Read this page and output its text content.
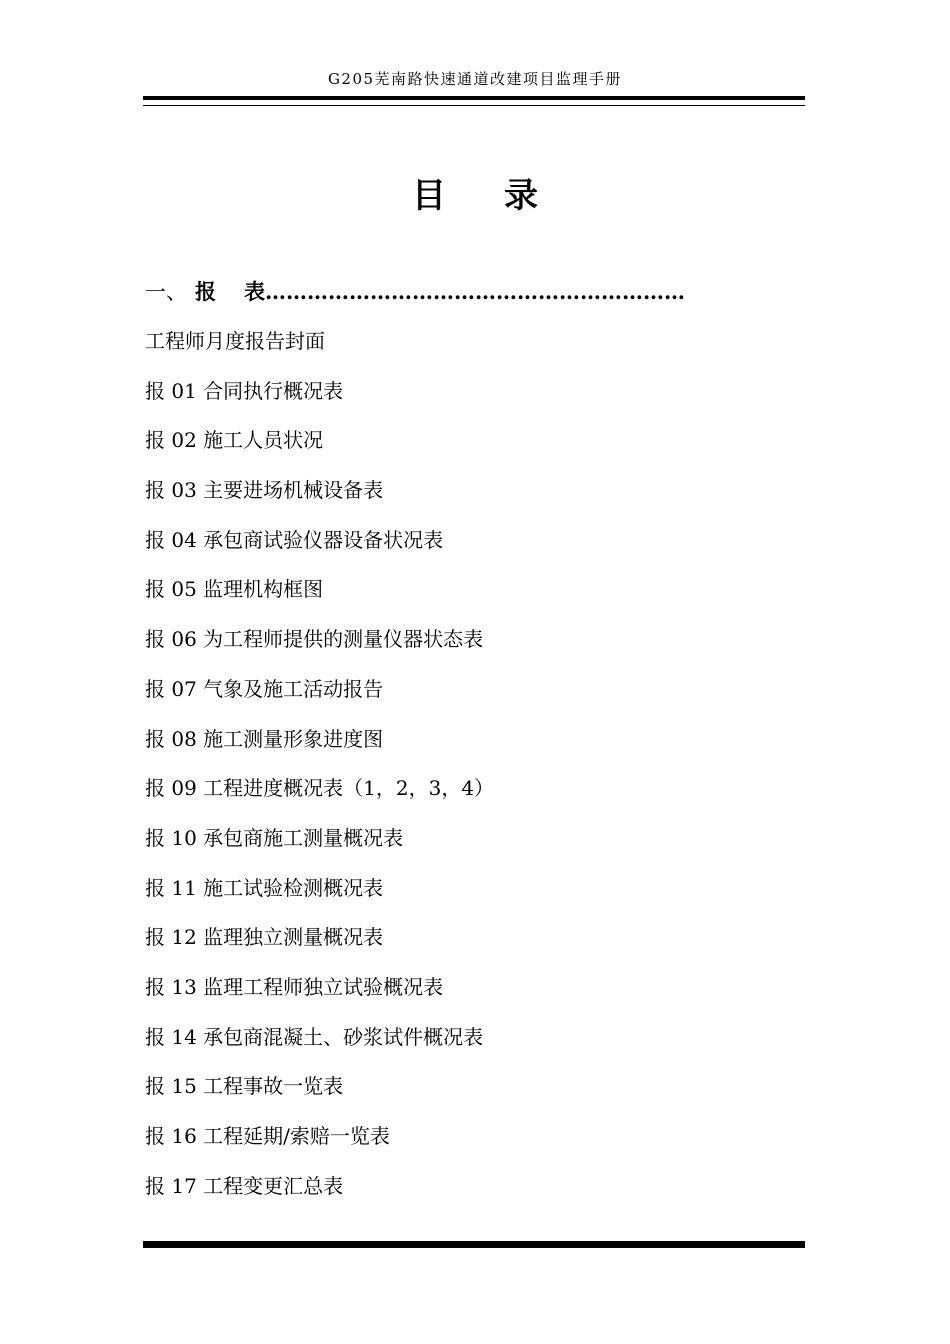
G205芜南路快速通道改建项目监理手册
目 录
一、 报表……………………………………………………
工程师月度报告封面
报 01 合同执行概况表
报 02 施工人员状况
报 03 主要进场机械设备表
报 04 承包商试验仪器设备状况表
报 05 监理机构框图
报 06 为工程师提供的测量仪器状态表
报 07 气象及施工活动报告
报 08 施工测量形象进度图
报 09 工程进度概况表（1，2，3，4）
报 10 承包商施工测量概况表
报 11 施工试验检测概况表
报 12 监理独立测量概况表
报 13 监理工程师独立试验概况表
报 14 承包商混凝土、砂浆试件概况表
报 15 工程事故一览表
报 16 工程延期/索赔一览表
报 17 工程变更汇总表
